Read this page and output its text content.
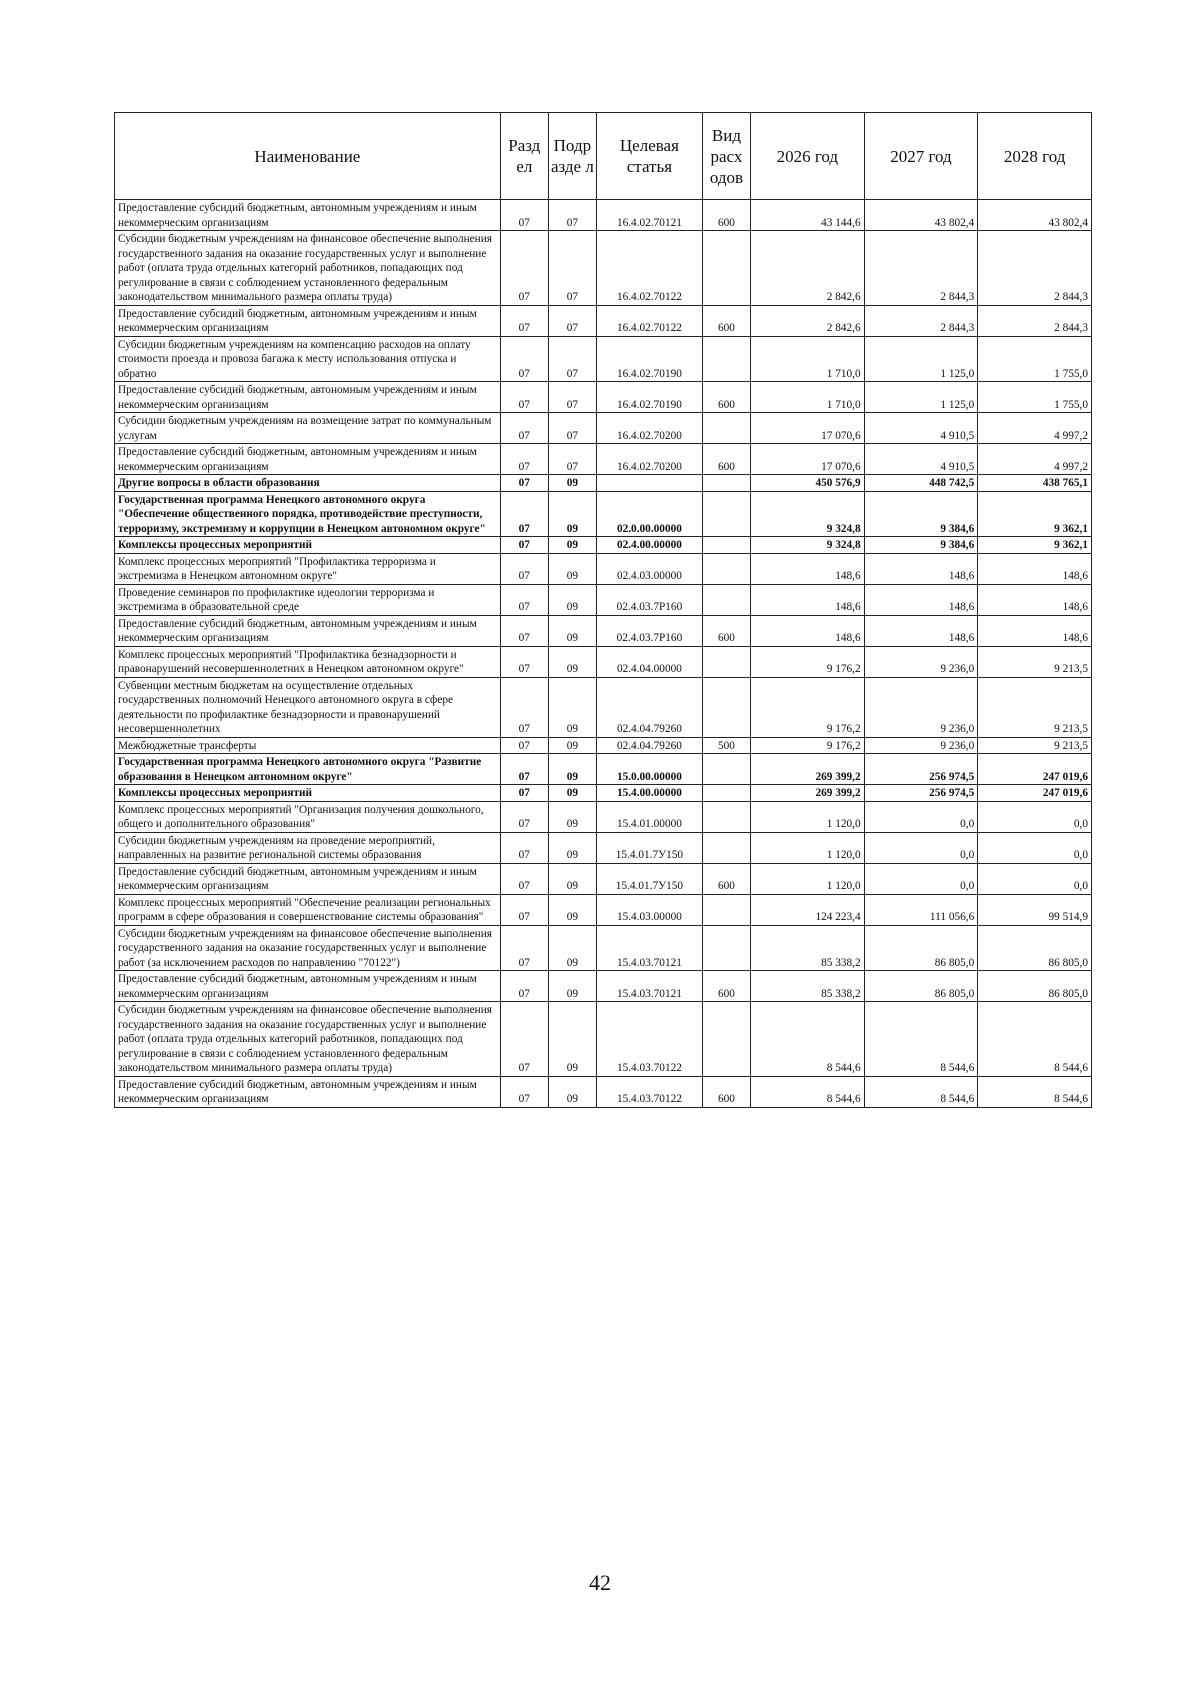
Наименование	Разд ел	Подр азде л	Целевая статья	Вид расх одов	2026 год	2027 год	2028 год
Предоставление субсидий бюджетным, автономным учреждениям и иным некоммерческим организациям	07	07	16.4.02.70121	600	43 144,6	43 802,4	43 802,4
Субсидии бюджетным учреждениям на финансовое обеспечение выполнения государственного задания на оказание государственных услуг и выполнение работ (оплата труда отдельных категорий работников, попадающих под регулирование в связи с соблюдением установленного федеральным законодательством минимального размера оплаты труда)	07	07	16.4.02.70122		2 842,6	2 844,3	2 844,3
Предоставление субсидий бюджетным, автономным учреждениям и иным некоммерческим организациям	07	07	16.4.02.70122	600	2 842,6	2 844,3	2 844,3
Субсидии бюджетным учреждениям на компенсацию расходов на оплату стоимости проезда и провоза багажа к месту использования отпуска и обратно	07	07	16.4.02.70190		1 710,0	1 125,0	1 755,0
Предоставление субсидий бюджетным, автономным учреждениям и иным некоммерческим организациям	07	07	16.4.02.70190	600	1 710,0	1 125,0	1 755,0
Субсидии бюджетным учреждениям на возмещение затрат по коммунальным услугам	07	07	16.4.02.70200		17 070,6	4 910,5	4 997,2
Предоставление субсидий бюджетным, автономным учреждениям и иным некоммерческим организациям	07	07	16.4.02.70200	600	17 070,6	4 910,5	4 997,2
Другие вопросы в области образования	07	09			450 576,9	448 742,5	438 765,1
Государственная программа Ненецкого автономного округа "Обеспечение общественного порядка, противодействие преступности, терроризму, экстремизму и коррупции в Ненецком автономном округе"	07	09	02.0.00.00000		9 324,8	9 384,6	9 362,1
Комплексы процессных мероприятий	07	09	02.4.00.00000		9 324,8	9 384,6	9 362,1
Комплекс процессных мероприятий "Профилактика терроризма и экстремизма в Ненецком автономном округе"	07	09	02.4.03.00000		148,6	148,6	148,6
Проведение семинаров по профилактике идеологии терроризма и экстремизма в образовательной среде	07	09	02.4.03.7Р160		148,6	148,6	148,6
Предоставление субсидий бюджетным, автономным учреждениям и иным некоммерческим организациям	07	09	02.4.03.7Р160	600	148,6	148,6	148,6
Комплекс процессных мероприятий "Профилактика безнадзорности и правонарушений несовершеннолетних в Ненецком автономном округе"	07	09	02.4.04.00000		9 176,2	9 236,0	9 213,5
Субвенции местным бюджетам на осуществление отдельных государственных полномочий Ненецкого автономного округа в сфере деятельности по профилактике безнадзорности и правонарушений несовершеннолетних	07	09	02.4.04.79260		9 176,2	9 236,0	9 213,5
Межбюджетные трансферты	07	09	02.4.04.79260	500	9 176,2	9 236,0	9 213,5
Государственная программа Ненецкого автономного округа "Развитие образования в Ненецком автономном округе"	07	09	15.0.00.00000		269 399,2	256 974,5	247 019,6
Комплексы процессных мероприятий	07	09	15.4.00.00000		269 399,2	256 974,5	247 019,6
Комплекс процессных мероприятий "Организация получения дошкольного, общего и дополнительного образования"	07	09	15.4.01.00000		1 120,0	0,0	0,0
Субсидии бюджетным учреждениям на проведение мероприятий, направленных на развитие региональной системы образования	07	09	15.4.01.7У150		1 120,0	0,0	0,0
Предоставление субсидий бюджетным, автономным учреждениям и иным некоммерческим организациям	07	09	15.4.01.7У150	600	1 120,0	0,0	0,0
Комплекс процессных мероприятий "Обеспечение реализации региональных программ в сфере образования и совершенствование системы образования"	07	09	15.4.03.00000		124 223,4	111 056,6	99 514,9
Субсидии бюджетным учреждениям на финансовое обеспечение выполнения государственного задания на оказание государственных услуг и выполнение работ (за исключением расходов по направлению "70122")	07	09	15.4.03.70121		85 338,2	86 805,0	86 805,0
Предоставление субсидий бюджетным, автономным учреждениям и иным некоммерческим организациям	07	09	15.4.03.70121	600	85 338,2	86 805,0	86 805,0
Субсидии бюджетным учреждениям на финансовое обеспечение выполнения государственного задания на оказание государственных услуг и выполнение работ (оплата труда отдельных категорий работников, попадающих под регулирование в связи с соблюдением установленного федеральным законодательством минимального размера оплаты труда)	07	09	15.4.03.70122		8 544,6	8 544,6	8 544,6
Предоставление субсидий бюджетным, автономным учреждениям и иным некоммерческим организациям	07	09	15.4.03.70122	600	8 544,6	8 544,6	8 544,6
42
